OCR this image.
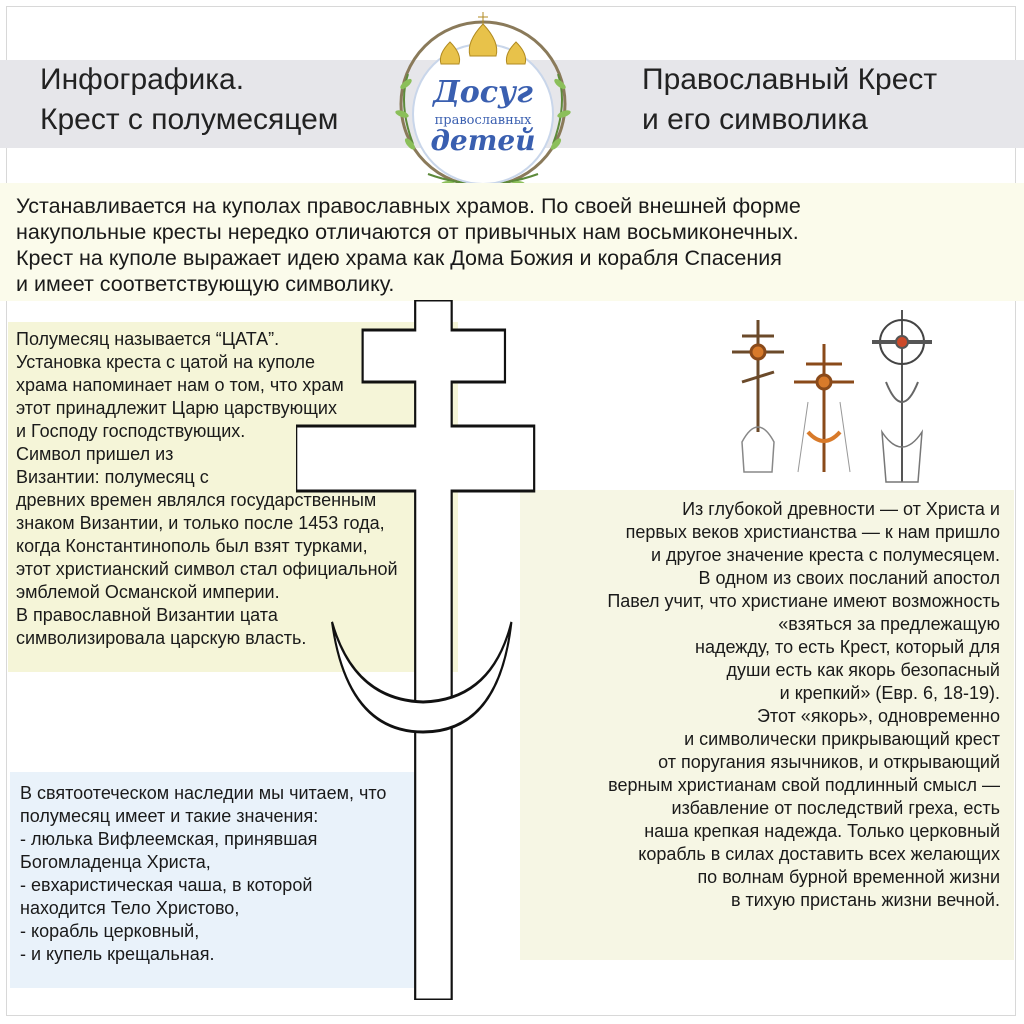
Инфографика.
Крест с полумесяцем
Православный Крест
и его символика
Досуг
православных
детей
Устанавливается на куполах православных храмов. По своей внешней форме
накупольные кресты нередко отличаются от привычных нам восьмиконечных.
Крест на куполе выражает идею храма как Дома Божия и корабля Спасения
и имеет соответствующую символику.
Полумесяц называется “ЦАТА”.
Установка креста с цатой на куполе
храма напоминает нам о том, что храм
этот принадлежит Царю царствующих
и Господу господствующих.
Символ пришел из
Византии: полумесяц с
древних времен являлся государственным
знаком Византии, и только после 1453 года,
когда Константинополь был взят турками,
этот христианский символ стал официальной
эмблемой Османской империи.
В православной Византии цата
символизировала царскую власть.
Из глубокой древности — от Христа и
первых веков христианства — к нам пришло
и другое значение креста с полумесяцем.
В одном из своих посланий апостол
Павел учит, что христиане имеют возможность
«взяться за предлежащую
надежду, то есть Крест, который для
души есть как якорь безопасный
и крепкий» (Евр. 6, 18-19).
Этот «якорь», одновременно
и символически прикрывающий крест
от поругания язычников, и открывающий
верным христианам свой подлинный смысл —
избавление от последствий греха, есть
наша крепкая надежда. Только церковный
корабль в силах доставить всех желающих
по волнам бурной временной жизни
в тихую пристань жизни вечной.
В святоотеческом наследии мы читаем, что
полумесяц имеет и такие значения:
- люлька Вифлеемская, принявшая
Богомладенца Христа,
- евхаристическая чаша, в которой
находится Тело Христово,
- корабль церковный,
- и купель крещальная.
